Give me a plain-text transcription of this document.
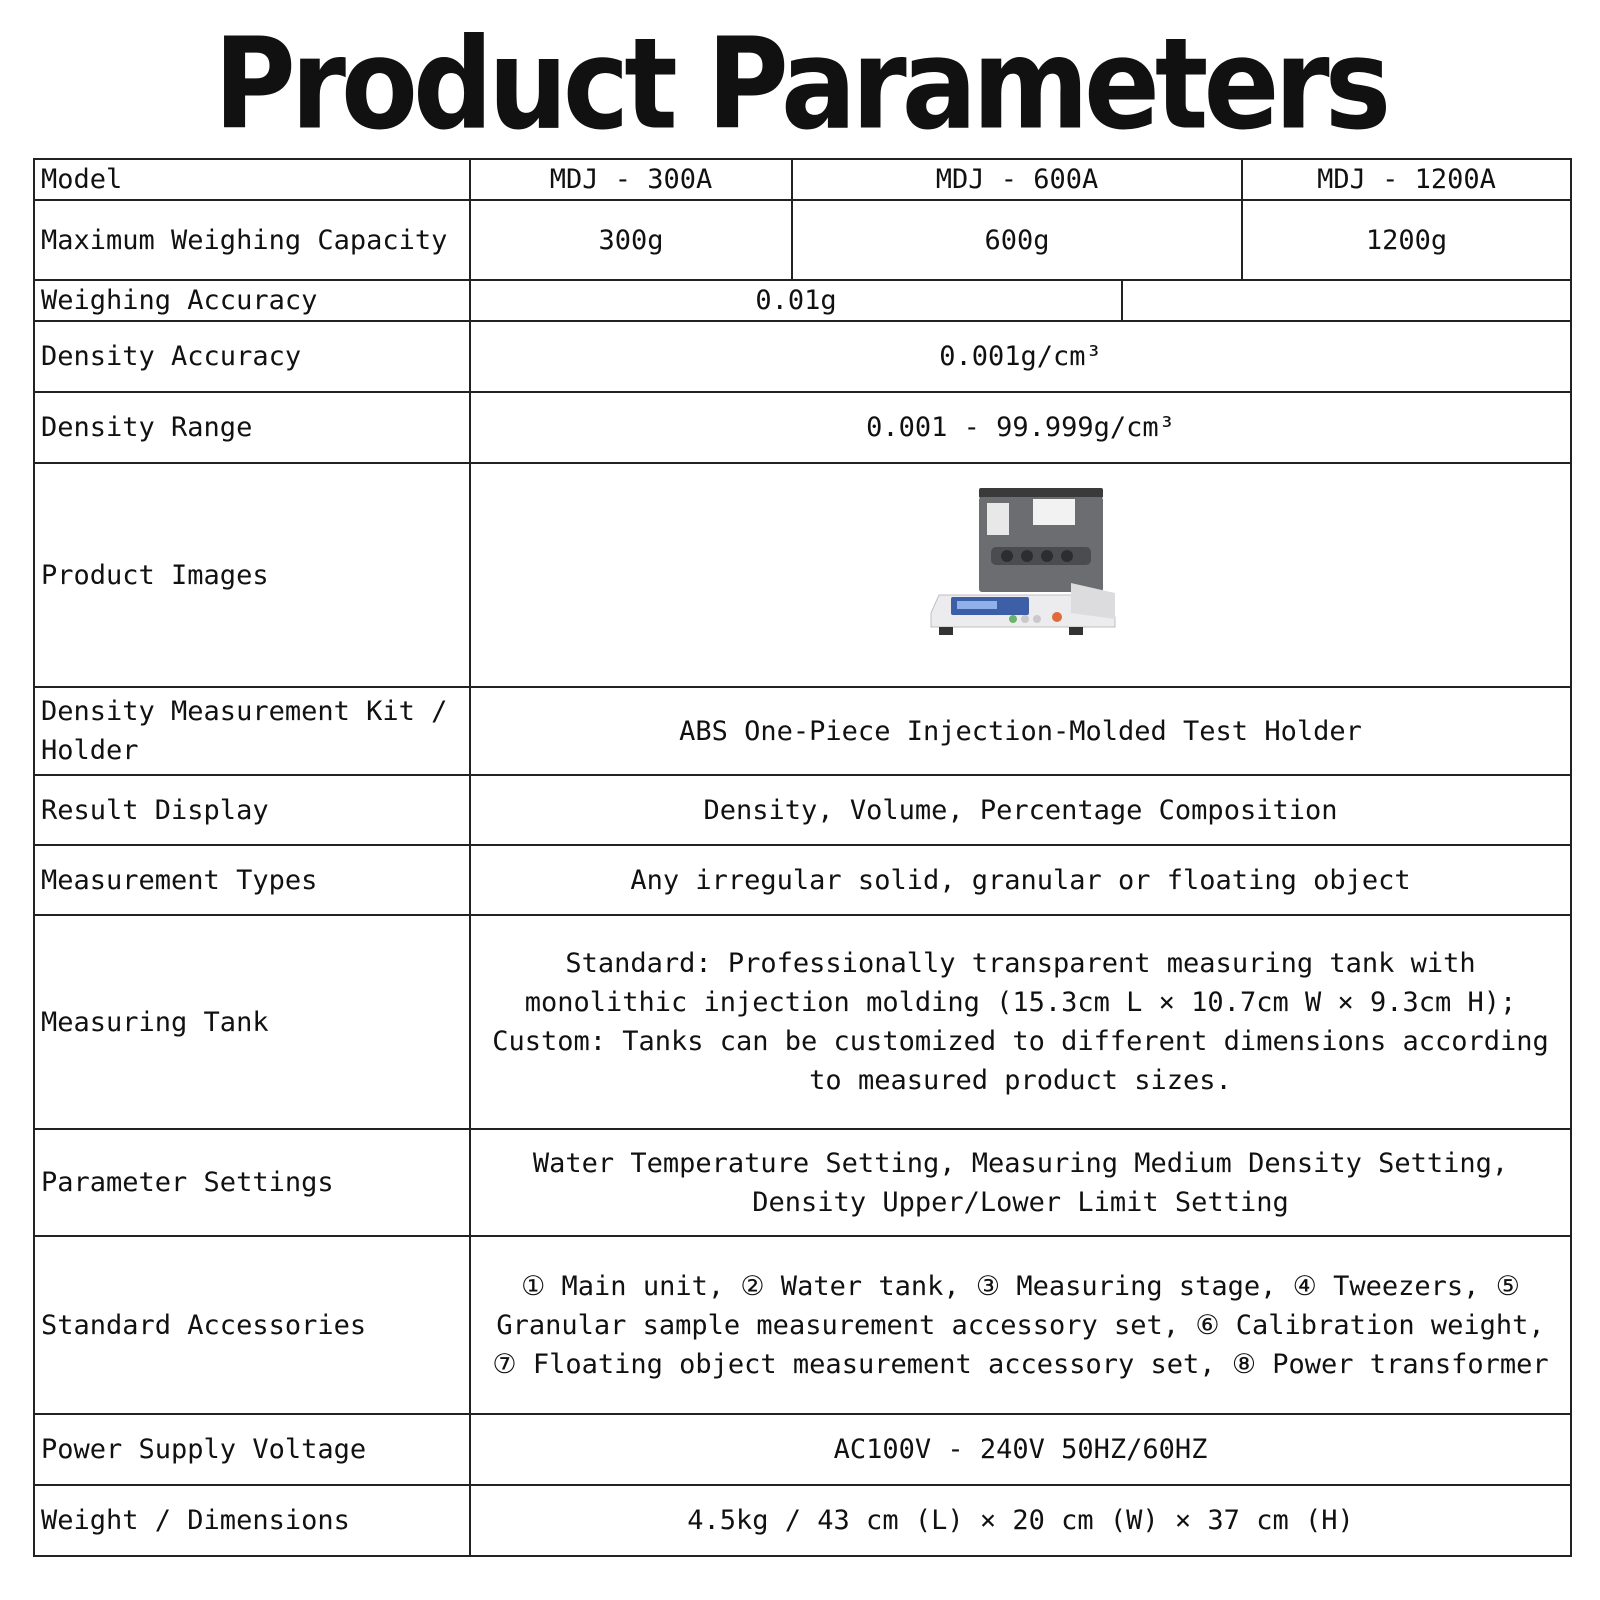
Product Parameters
Model	MDJ - 300A	MDJ - 600A		MDJ - 1200A
Maximum Weighing Capacity	300g	600g		1200g
Weighing Accuracy	0.01g			
Density Accuracy	0.001g/cm³			
Density Range	0.001 - 99.999g/cm³			
Product Images	
Density Measurement Kit / Holder	ABS One-Piece Injection-Molded Test Holder			
Result Display	Density, Volume, Percentage Composition			
Measurement Types	Any irregular solid, granular or floating object			
Measuring Tank	Standard: Professionally transparent measuring tank with monolithic injection molding (15.3cm L × 10.7cm W × 9.3cm H);
Custom: Tanks can be customized to different dimensions according to measured product sizes.			

Parameter Settings	Water Temperature Setting, Measuring Medium Density Setting, Density Upper/Lower Limit Setting			
Standard Accessories	① Main unit, ② Water tank, ③ Measuring stage, ④ Tweezers, ⑤ Granular sample measurement accessory set, ⑥ Calibration weight, ⑦ Floating object measurement accessory set, ⑧ Power transformer			
Power Supply Voltage	AC100V - 240V 50HZ/60HZ			
Weight / Dimensions	4.5kg / 43 cm (L) × 20 cm (W) × 37 cm (H)			
